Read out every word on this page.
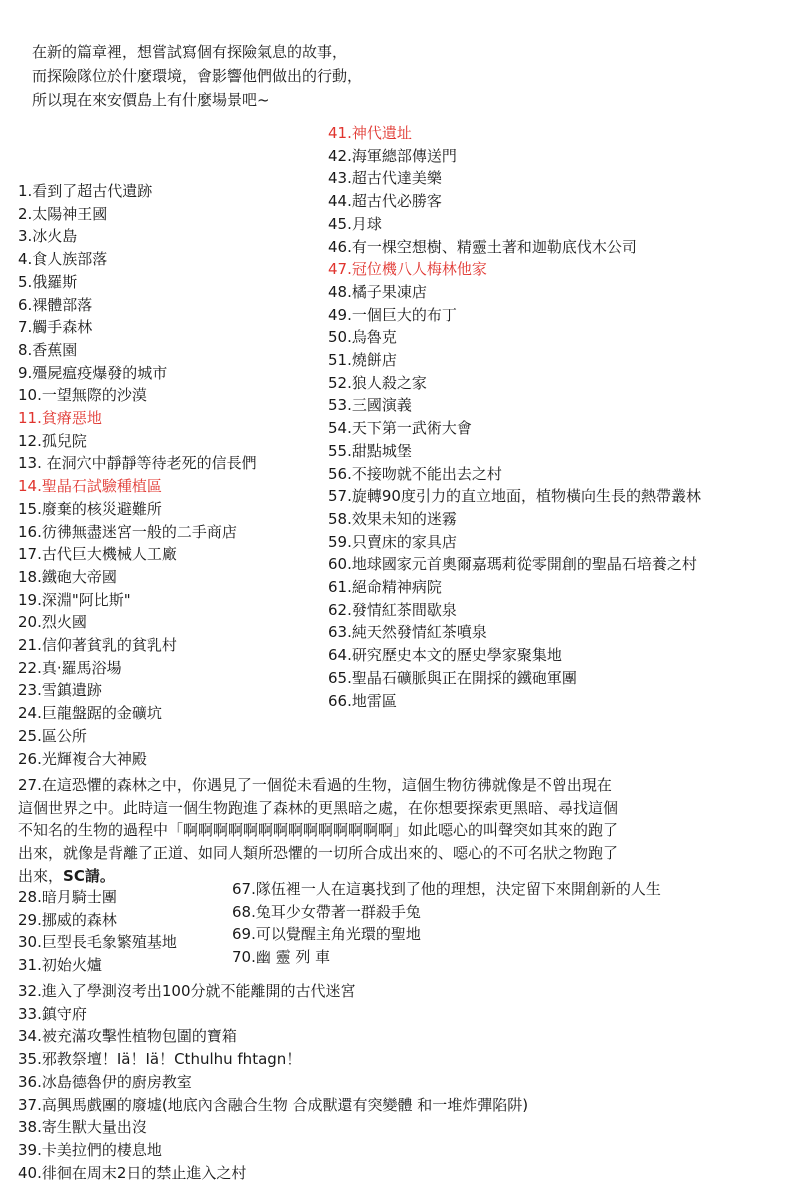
在新的篇章裡，想嘗試寫個有探險氣息的故事，
而探險隊位於什麼環境，會影響他們做出的行動，
所以現在來安價島上有什麼場景吧~
1.看到了超古代遺跡
2.太陽神王國
3.冰火島
4.食人族部落
5.俄羅斯
6.裸體部落
7.觸手森林
8.香蕉園
9.殭屍瘟疫爆發的城市
10.一望無際的沙漠
11.貧瘠惡地
12.孤兒院
13. 在洞穴中靜靜等待老死的信長們
14.聖晶石試驗種植區
15.廢棄的核災避難所
16.彷彿無盡迷宮一般的二手商店
17.古代巨大機械人工廠
18.鐵砲大帝國
19.深淵"阿比斯"
20.烈火國
21.信仰著貧乳的貧乳村
22.真·羅馬浴場
23.雪鎮遺跡
24.巨龍盤踞的金礦坑
25.區公所
26.光輝複合大神殿
41.神代遺址
42.海軍總部傳送門
43.超古代達美樂
44.超古代必勝客
45.月球
46.有一棵空想樹、精靈土著和迦勒底伐木公司
47.冠位機八人梅林他家
48.橘子果凍店
49.一個巨大的布丁
50.烏魯克
51.燒餅店
52.狼人殺之家
53.三國演義
54.天下第一武術大會
55.甜點城堡
56.不接吻就不能出去之村
57.旋轉90度引力的直立地面，植物橫向生長的熱帶叢林
58.效果未知的迷霧
59.只賣床的家具店
60.地球國家元首奧爾嘉瑪莉從零開創的聖晶石培養之村
61.絕命精神病院
62.發情紅茶間歇泉
63.純天然發情紅茶噴泉
64.研究歷史本文的歷史學家聚集地
65.聖晶石礦脈與正在開採的鐵砲軍團
66.地雷區
27.在這恐懼的森林之中，你遇見了一個從未看過的生物，這個生物彷彿就像是不曾出現在
這個世界之中。此時這一個生物跑進了森林的更黑暗之處，在你想要探索更黑暗、尋找這個
不知名的生物的過程中「啊啊啊啊啊啊啊啊啊啊啊啊啊啊」如此噁心的叫聲突如其來的跑了
出來，就像是背離了正道、如同人類所恐懼的一切所合成出來的、噁心的不可名狀之物跑了
出來，SC請。
28.暗月騎士團
29.挪威的森林
30.巨型長毛象繁殖基地
31.初始火爐
67.隊伍裡一人在這裏找到了他的理想，決定留下來開創新的人生
68.兔耳少女帶著一群殺手兔
69.可以覺醒主角光環的聖地
70.幽 靈 列 車
32.進入了學測沒考出100分就不能離開的古代迷宮
33.鎮守府
34.被充滿攻擊性植物包圍的寶箱
35.邪教祭壇！Iä！Iä！Cthulhu fhtagn！
36.冰島德魯伊的廚房教室
37.高興馬戲團的廢墟(地底內含融合生物 合成獸還有突變體 和一堆炸彈陷阱)
38.寄生獸大量出沒
39.卡美拉們的棲息地
40.徘徊在周末2日的禁止進入之村
